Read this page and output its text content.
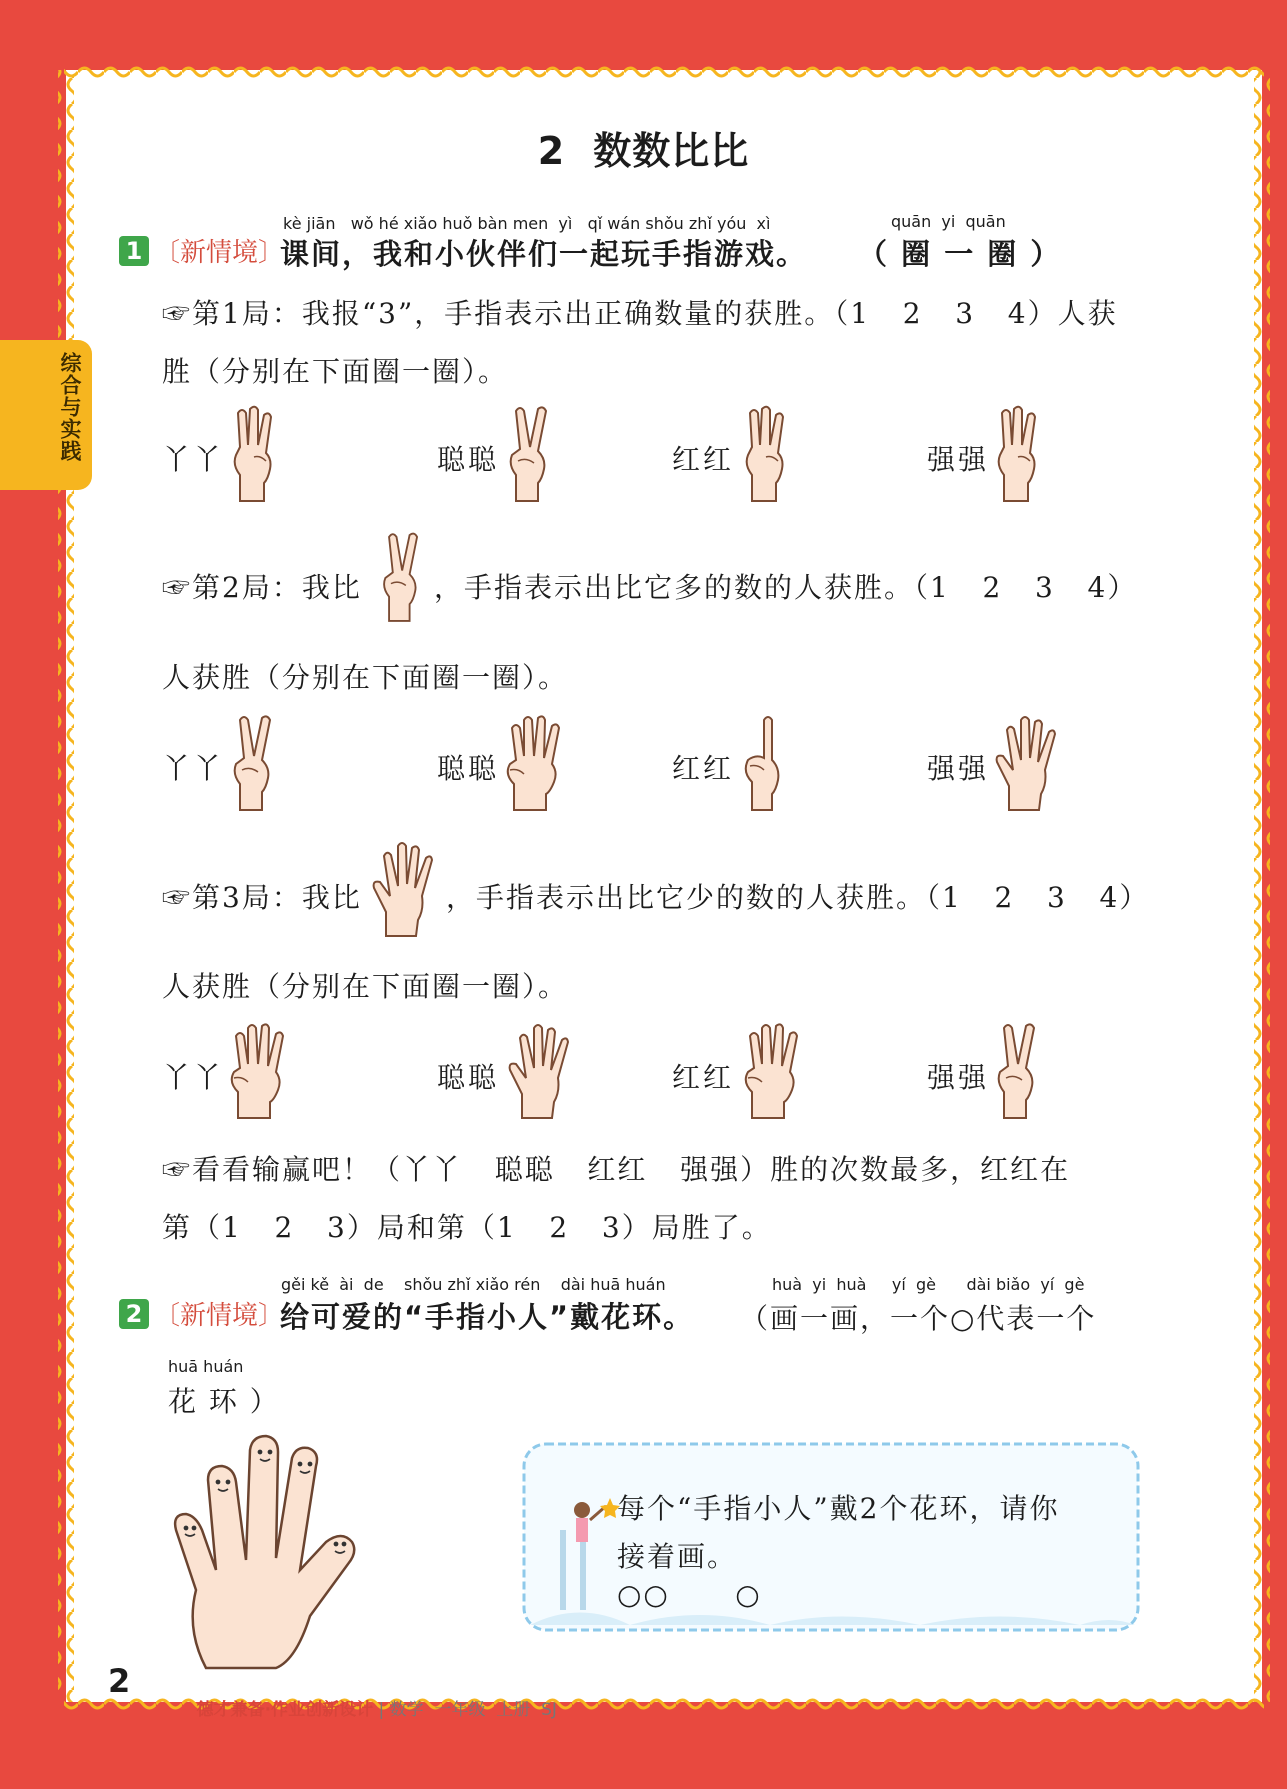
综合与实践
2 数数比比
kè jiān   wǒ hé xiǎo huǒ bàn men  yì   qǐ wán shǒu zhǐ yóu  xì	quān  yi  quān
1 〔新情境〕
课间，我和小伙伴们一起玩手指游戏。 （ 圈 一 圈 ）
☞第1局：我报“3”，手指表示出正确数量的获胜。（1   2   3   4）人获
胜（分别在下面圈一圈）。
丫丫	聪聪	红红	强强
☞第2局：我比	，手指表示出比它多的数的人获胜。（1   2   3   4）
人获胜（分别在下面圈一圈）。
丫丫	聪聪	红红	强强
☞第3局：我比	，手指表示出比它少的数的人获胜。（1   2   3   4）
人获胜（分别在下面圈一圈）。
丫丫	聪聪	红红	强强
☞看看输赢吧！（丫丫   聪聪   红红   强强）胜的次数最多，红红在
第（1   2   3）局和第（1   2   3）局胜了。
gěi kě  ài  de    shǒu zhǐ xiǎo rén    dài huā huán	huà  yi  huà     yí  gè      dài biǎo  yí  gè
2 〔新情境〕
给可爱的“手指小人”戴花环。 （画一画，一个○代表一个
huā huán
花 环 ）
每个“手指小人”戴2个花环，请你
接着画。
○○      ○
2

德才兼备·作业创新设计 | 数学  一年级  上册  SJ
